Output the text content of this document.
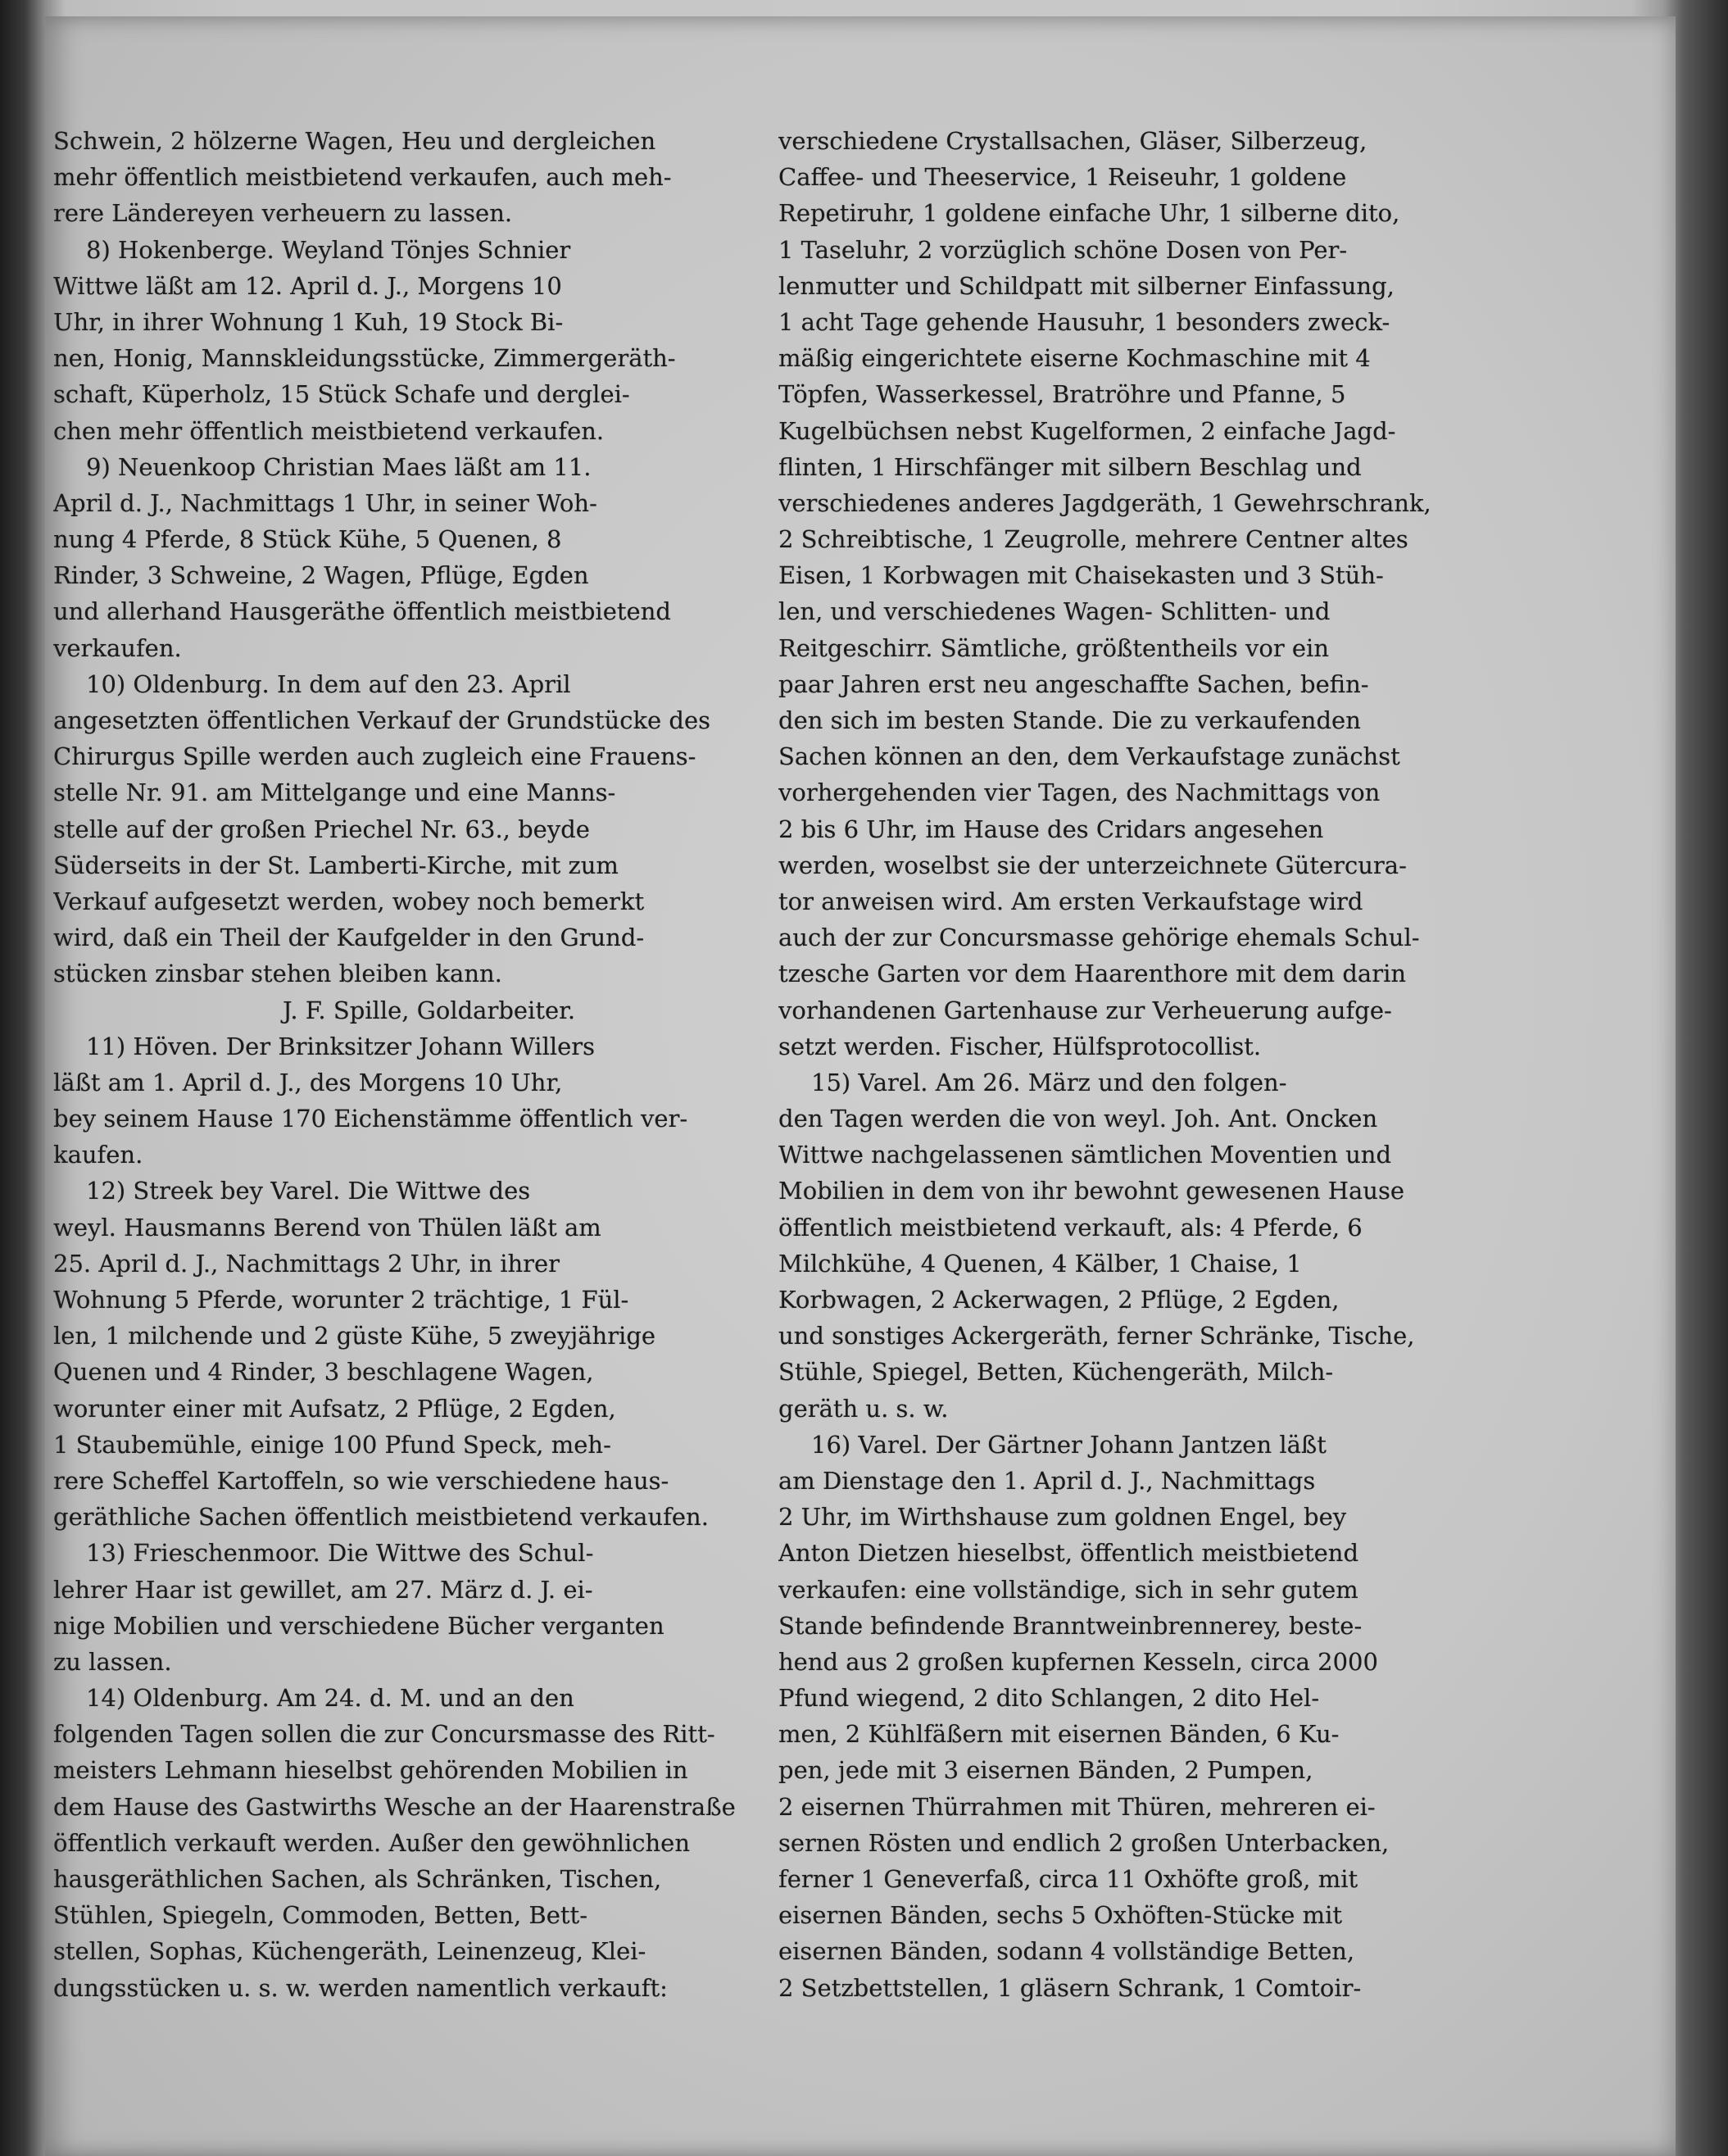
Schwein, 2 hölzerne Wagen, Heu und dergleichen
mehr öffentlich meistbietend verkaufen, auch meh-
rere Ländereyen verheuern zu lassen.
8) Hokenberge. Weyland Tönjes Schnier
Wittwe läßt am 12. April d. J., Morgens 10
Uhr, in ihrer Wohnung 1 Kuh, 19 Stock Bi-
nen, Honig, Mannskleidungsstücke, Zimmergeräth-
schaft, Küperholz, 15 Stück Schafe und derglei-
chen mehr öffentlich meistbietend verkaufen.
9) Neuenkoop Christian Maes läßt am 11.
April d. J., Nachmittags 1 Uhr, in seiner Woh-
nung 4 Pferde, 8 Stück Kühe, 5 Quenen, 8
Rinder, 3 Schweine, 2 Wagen, Pflüge, Egden
und allerhand Hausgeräthe öffentlich meistbietend
verkaufen.
10) Oldenburg. In dem auf den 23. April
angesetzten öffentlichen Verkauf der Grundstücke des
Chirurgus Spille werden auch zugleich eine Frauens-
stelle Nr. 91. am Mittelgange und eine Manns-
stelle auf der großen Priechel Nr. 63., beyde
Süderseits in der St. Lamberti-Kirche, mit zum
Verkauf aufgesetzt werden, wobey noch bemerkt
wird, daß ein Theil der Kaufgelder in den Grund-
stücken zinsbar stehen bleiben kann.
J. F. Spille, Goldarbeiter.
11) Höven. Der Brinksitzer Johann Willers
läßt am 1. April d. J., des Morgens 10 Uhr,
bey seinem Hause 170 Eichenstämme öffentlich ver-
kaufen.
12) Streek bey Varel. Die Wittwe des
weyl. Hausmanns Berend von Thülen läßt am
25. April d. J., Nachmittags 2 Uhr, in ihrer
Wohnung 5 Pferde, worunter 2 trächtige, 1 Fül-
len, 1 milchende und 2 güste Kühe, 5 zweyjährige
Quenen und 4 Rinder, 3 beschlagene Wagen,
worunter einer mit Aufsatz, 2 Pflüge, 2 Egden,
1 Staubemühle, einige 100 Pfund Speck, meh-
rere Scheffel Kartoffeln, so wie verschiedene haus-
geräthliche Sachen öffentlich meistbietend verkaufen.
13) Frieschenmoor. Die Wittwe des Schul-
lehrer Haar ist gewillet, am 27. März d. J. ei-
nige Mobilien und verschiedene Bücher verganten
zu lassen.
14) Oldenburg. Am 24. d. M. und an den
folgenden Tagen sollen die zur Concursmasse des Ritt-
meisters Lehmann hieselbst gehörenden Mobilien in
dem Hause des Gastwirths Wesche an der Haarenstraße
öffentlich verkauft werden. Außer den gewöhnlichen
hausgeräthlichen Sachen, als Schränken, Tischen,
Stühlen, Spiegeln, Commoden, Betten, Bett-
stellen, Sophas, Küchengeräth, Leinenzeug, Klei-
dungsstücken u. s. w. werden namentlich verkauft:
verschiedene Crystallsachen, Gläser, Silberzeug,
Caffee- und Theeservice, 1 Reiseuhr, 1 goldene
Repetiruhr, 1 goldene einfache Uhr, 1 silberne dito,
1 Taseluhr, 2 vorzüglich schöne Dosen von Per-
lenmutter und Schildpatt mit silberner Einfassung,
1 acht Tage gehende Hausuhr, 1 besonders zweck-
mäßig eingerichtete eiserne Kochmaschine mit 4
Töpfen, Wasserkessel, Bratröhre und Pfanne, 5
Kugelbüchsen nebst Kugelformen, 2 einfache Jagd-
flinten, 1 Hirschfänger mit silbern Beschlag und
verschiedenes anderes Jagdgeräth, 1 Gewehrschrank,
2 Schreibtische, 1 Zeugrolle, mehrere Centner altes
Eisen, 1 Korbwagen mit Chaisekasten und 3 Stüh-
len, und verschiedenes Wagen- Schlitten- und
Reitgeschirr. Sämtliche, größtentheils vor ein
paar Jahren erst neu angeschaffte Sachen, befin-
den sich im besten Stande. Die zu verkaufenden
Sachen können an den, dem Verkaufstage zunächst
vorhergehenden vier Tagen, des Nachmittags von
2 bis 6 Uhr, im Hause des Cridars angesehen
werden, woselbst sie der unterzeichnete Gütercura-
tor anweisen wird. Am ersten Verkaufstage wird
auch der zur Concursmasse gehörige ehemals Schul-
tzesche Garten vor dem Haarenthore mit dem darin
vorhandenen Gartenhause zur Verheuerung aufge-
setzt werden. Fischer, Hülfsprotocollist.
15) Varel. Am 26. März und den folgen-
den Tagen werden die von weyl. Joh. Ant. Oncken
Wittwe nachgelassenen sämtlichen Moventien und
Mobilien in dem von ihr bewohnt gewesenen Hause
öffentlich meistbietend verkauft, als: 4 Pferde, 6
Milchkühe, 4 Quenen, 4 Kälber, 1 Chaise, 1
Korbwagen, 2 Ackerwagen, 2 Pflüge, 2 Egden,
und sonstiges Ackergeräth, ferner Schränke, Tische,
Stühle, Spiegel, Betten, Küchengeräth, Milch-
geräth u. s. w.
16) Varel. Der Gärtner Johann Jantzen läßt
am Dienstage den 1. April d. J., Nachmittags
2 Uhr, im Wirthshause zum goldnen Engel, bey
Anton Dietzen hieselbst, öffentlich meistbietend
verkaufen: eine vollständige, sich in sehr gutem
Stande befindende Branntweinbrennerey, beste-
hend aus 2 großen kupfernen Kesseln, circa 2000
Pfund wiegend, 2 dito Schlangen, 2 dito Hel-
men, 2 Kühlfäßern mit eisernen Bänden, 6 Ku-
pen, jede mit 3 eisernen Bänden, 2 Pumpen,
2 eisernen Thürrahmen mit Thüren, mehreren ei-
sernen Rösten und endlich 2 großen Unterbacken,
ferner 1 Geneverfaß, circa 11 Oxhöfte groß, mit
eisernen Bänden, sechs 5 Oxhöften-Stücke mit
eisernen Bänden, sodann 4 vollständige Betten,
2 Setzbettstellen, 1 gläsern Schrank, 1 Comtoir-
